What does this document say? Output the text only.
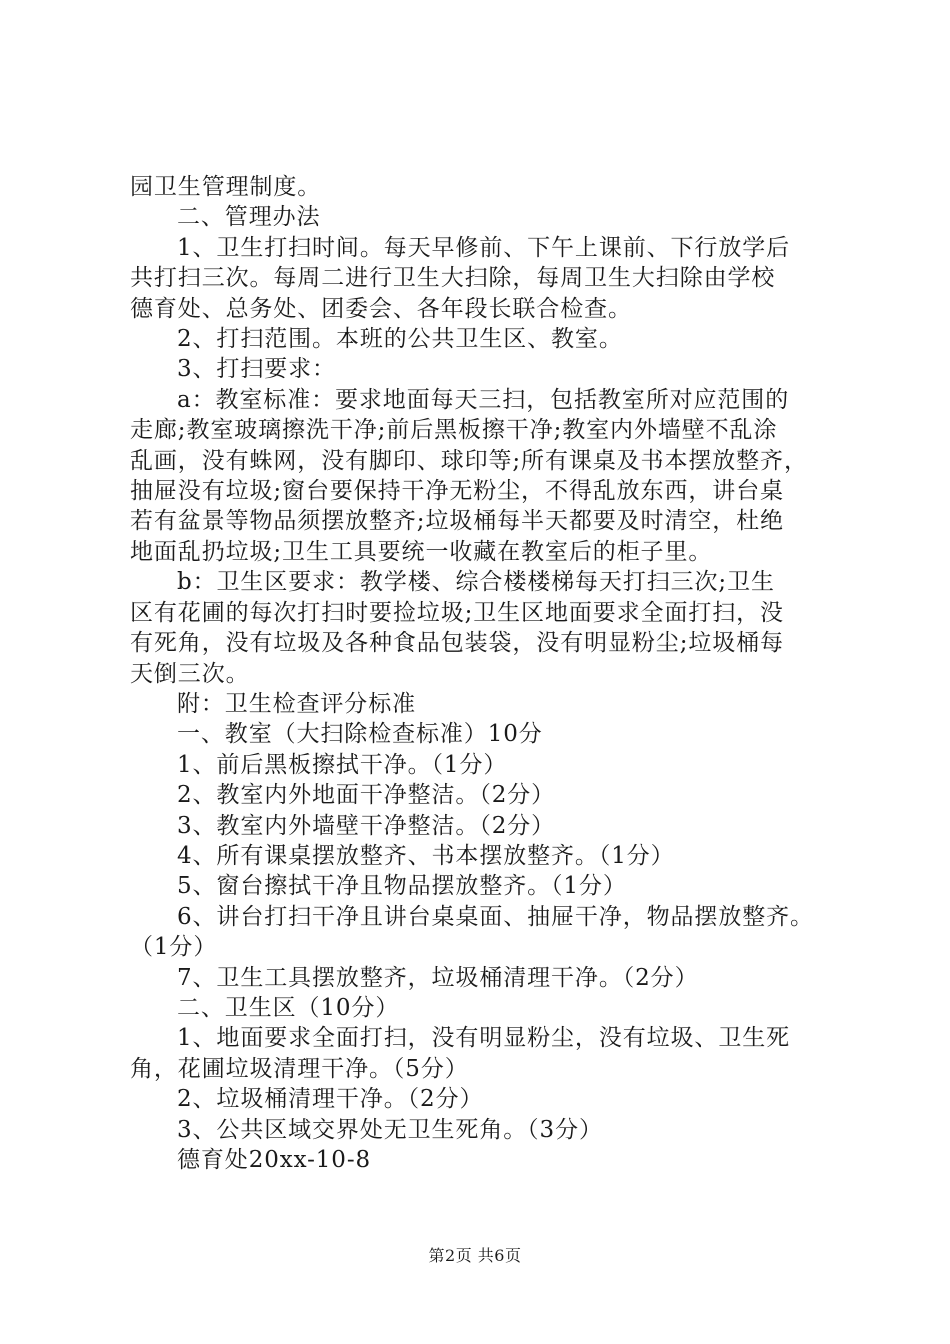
园卫生管理制度。

二、管理办法

1、卫生打扫时间。每天早修前、下午上课前、下行放学后

共打扫三次。每周二进行卫生大扫除，每周卫生大扫除由学校

德育处、总务处、团委会、各年段长联合检查。

2、打扫范围。本班的公共卫生区、教室。

3、打扫要求：

a：教室标准：要求地面每天三扫，包括教室所对应范围的

走廊;教室玻璃擦洗干净;前后黑板擦干净;教室内外墙壁不乱涂

乱画，没有蛛网，没有脚印、球印等;所有课桌及书本摆放整齐，

抽屉没有垃圾;窗台要保持干净无粉尘，不得乱放东西，讲台桌

若有盆景等物品须摆放整齐;垃圾桶每半天都要及时清空，杜绝

地面乱扔垃圾;卫生工具要统一收藏在教室后的柜子里。

b：卫生区要求：教学楼、综合楼楼梯每天打扫三次;卫生

区有花圃的每次打扫时要捡垃圾;卫生区地面要求全面打扫，没

有死角，没有垃圾及各种食品包装袋，没有明显粉尘;垃圾桶每

天倒三次。

附：卫生检查评分标准

一、教室（大扫除检查标准）10分

1、前后黑板擦拭干净。（1分）

2、教室内外地面干净整洁。（2分）

3、教室内外墙壁干净整洁。（2分）

4、所有课桌摆放整齐、书本摆放整齐。（1分）

5、窗台擦拭干净且物品摆放整齐。（1分）

6、讲台打扫干净且讲台桌桌面、抽屉干净，物品摆放整齐。

（1分）

7、卫生工具摆放整齐，垃圾桶清理干净。（2分）

二、卫生区（10分）

1、地面要求全面打扫，没有明显粉尘，没有垃圾、卫生死

角，花圃垃圾清理干净。（5分）

2、垃圾桶清理干净。（2分）

3、公共区域交界处无卫生死角。（3分）

德育处20xx-10-8

第2页 共6页
